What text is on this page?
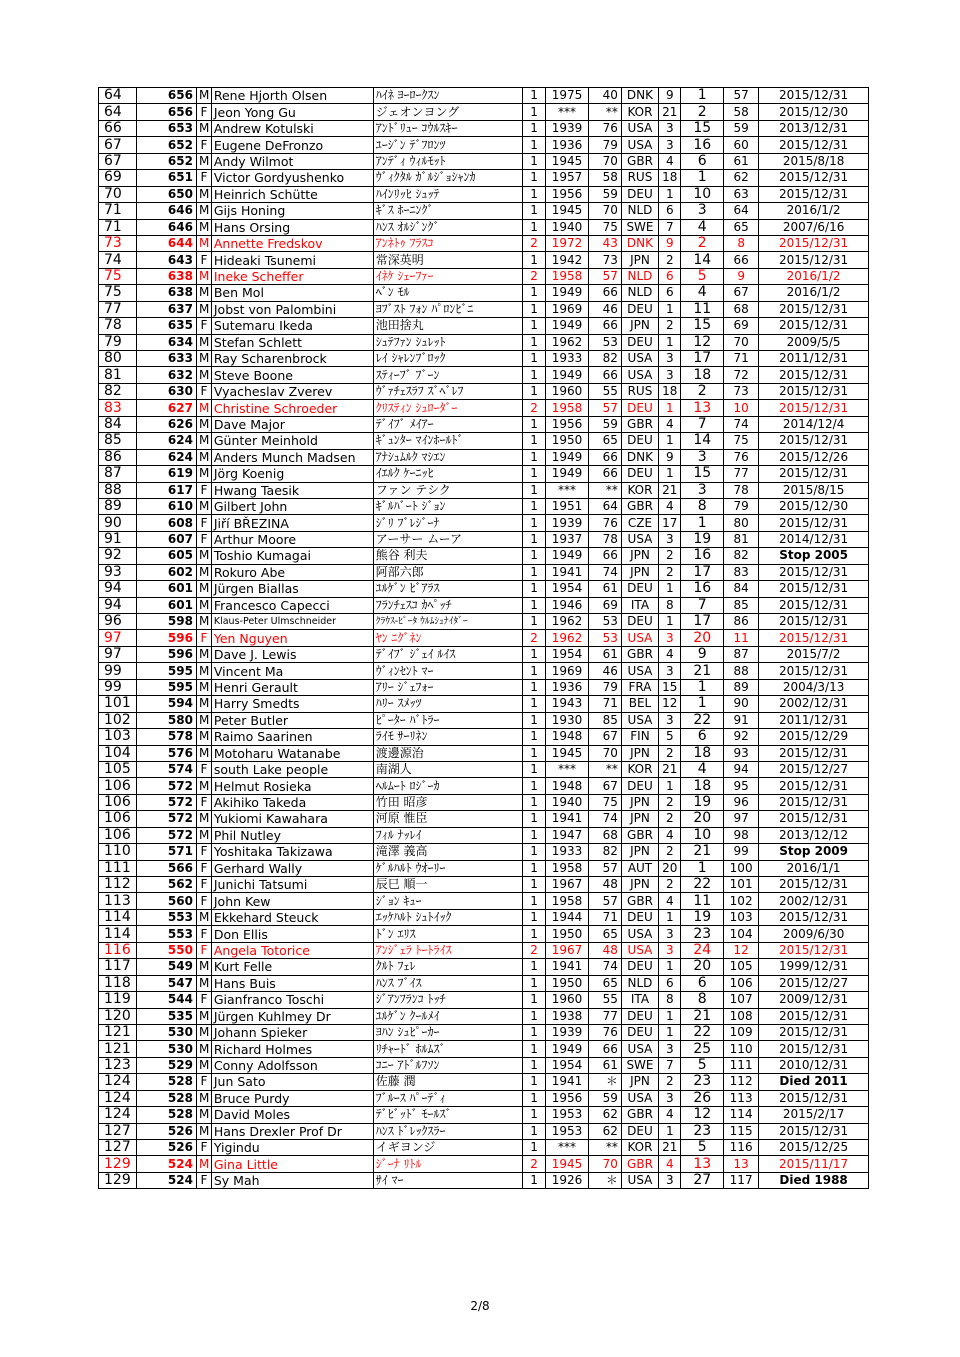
64	656	M	Rene Hjorth Olsen	ﾊｲﾈ ﾖｰﾛｰｸｽﾝ	1	1975	40	DNK	9	1	57	2015/12/31
64	656	F	Jeon Yong Gu	ジェオンヨング	1	***	**	KOR	21	2	58	2015/12/30
66	653	M	Andrew Kotulski	ｱﾝﾄﾞﾘｭｰ ｺｳﾙｽｷｰ	1	1939	76	USA	3	15	59	2013/12/31
67	652	F	Eugene DeFronzo	ﾕｰｼﾞﾝ ﾃﾞﾌﾛﾝﾂ	1	1936	79	USA	3	16	60	2015/12/31
67	652	M	Andy Wilmot	ｱﾝﾃﾞｨ ｳｨﾙﾓｯﾄ	1	1945	70	GBR	4	6	61	2015/8/18
69	651	F	Victor Gordyushenko	ｳﾞｨｸﾀﾙ ｶﾞﾙｼﾞｮｼｬﾝｶ	1	1957	58	RUS	18	1	62	2015/12/31
70	650	M	Heinrich Schütte	ﾊｲﾝﾘｯﾋ ｼｭｯﾃ	1	1956	59	DEU	1	10	63	2015/12/31
71	646	M	Gijs Honing	ｷﾞｽ ﾎｰﾆﾝｸﾞ	1	1945	70	NLD	6	3	64	2016/1/2
71	646	M	Hans Orsing	ﾊﾝｽ ｵﾙｼﾞﾝｸﾞ	1	1940	75	SWE	7	4	65	2007/6/16
73	644	M	Annette Fredskov	ｱﾝﾈﾄｩ ﾌﾗｽｺ	2	1972	43	DNK	9	2	8	2015/12/31
74	643	F	Hideaki Tsunemi	常深英明	1	1942	73	JPN	2	14	66	2015/12/31
75	638	M	Ineke Scheffer	ｲﾈｹ ｼｪｰﾌｧｰ	2	1958	57	NLD	6	5	9	2016/1/2
75	638	M	Ben Mol	ﾍﾞﾝ ﾓﾙ	1	1949	66	NLD	6	4	67	2016/1/2
77	637	M	Jobst von Palombini	ﾖﾌﾞｽﾄ ﾌｫﾝ ﾊﾟﾛﾝﾋﾞﾆ	1	1969	46	DEU	1	11	68	2015/12/31
78	635	F	Sutemaru Ikeda	池田捨丸	1	1949	66	JPN	2	15	69	2015/12/31
79	634	M	Stefan Schlett	ｼｭﾃﾌｧﾝ ｼｭﾚｯﾄ	1	1962	53	DEU	1	12	70	2009/5/5
80	633	M	Ray Scharenbrock	ﾚｲ ｼｬﾚﾝﾌﾞﾛｯｸ	1	1933	82	USA	3	17	71	2011/12/31
81	632	M	Steve Boone	ｽﾃｨｰﾌﾞ ﾌﾞｰﾝ	1	1949	66	USA	3	18	72	2015/12/31
82	630	F	Vyacheslav Zverev	ｳﾞｧﾁｪｽﾗﾌ ｽﾞﾍﾞﾚﾌ	1	1960	55	RUS	18	2	73	2015/12/31
83	627	M	Christine Schroeder	ｸﾘｽﾃｨﾝ ｼｭﾛｰﾀﾞｰ	2	1958	57	DEU	1	13	10	2015/12/31
84	626	M	Dave Major	ﾃﾞｲﾌﾞ ﾒｲｱｰ	1	1956	59	GBR	4	7	74	2014/12/4
85	624	M	Günter Meinhold	ｷﾞｭﾝﾀｰ ﾏｲﾝﾎｰﾙﾄﾞ	1	1950	65	DEU	1	14	75	2015/12/31
86	624	M	Anders Munch Madsen	ｱﾅｼｭﾑﾙｸ ﾏｼｴﾝ	1	1949	66	DNK	9	3	76	2015/12/26
87	619	M	Jörg Koenig	ｲｴﾙｸ ｹｰﾆｯﾋ	1	1949	66	DEU	1	15	77	2015/12/31
88	617	F	Hwang Taesik	ファン テシク	1	***	**	KOR	21	3	78	2015/8/15
89	610	M	Gilbert John	ｷﾞﾙﾊﾞｰﾄ ｼﾞｮﾝ	1	1951	64	GBR	4	8	79	2015/12/30
90	608	F	Jiří BŘEZINA	ｼﾞﾘ ﾌﾞﾚｼﾞｰﾅ	1	1939	76	CZE	17	1	80	2015/12/31
91	607	F	Arthur Moore	アーサー ムーア	1	1937	78	USA	3	19	81	2014/12/31
92	605	M	Toshio Kumagai	熊谷 利夫	1	1949	66	JPN	2	16	82	Stop 2005
93	602	M	Rokuro Abe	阿部六郎	1	1941	74	JPN	2	17	83	2015/12/31
94	601	M	Jürgen Biallas	ﾕﾙｹﾞﾝ ﾋﾞｱﾗｽ	1	1954	61	DEU	1	16	84	2015/12/31
94	601	M	Francesco Capecci	ﾌﾗﾝﾁｪｽｺ ｶﾍﾟｯﾁ	1	1946	69	ITA	8	7	85	2015/12/31
96	598	M	Klaus-Peter Ulmschneider	ｸﾗｳｽ-ﾋﾟｰﾀ ｳﾙﾑｼｭﾅｲﾀﾞｰ	1	1962	53	DEU	1	17	86	2015/12/31
97	596	F	Yen Nguyen	ﾔﾝ ﾆｸﾞﾈﾝ	2	1962	53	USA	3	20	11	2015/12/31
97	596	M	Dave J. Lewis	ﾃﾞｲﾌﾞ ｼﾞｪｲ ﾙｲｽ	1	1954	61	GBR	4	9	87	2015/7/2
99	595	M	Vincent Ma	ｳﾞｨﾝｾﾝﾄ ﾏｰ	1	1969	46	USA	3	21	88	2015/12/31
99	595	M	Henri Gerault	ｱﾘｰ ｼﾞｪﾌｫｰ	1	1936	79	FRA	15	1	89	2004/3/13
101	594	M	Harry Smedts	ﾊﾘｰ ｽﾒｯﾂ	1	1943	71	BEL	12	1	90	2002/12/31
102	580	M	Peter Butler	ﾋﾟｰﾀｰ ﾊﾞﾄﾗｰ	1	1930	85	USA	3	22	91	2011/12/31
103	578	M	Raimo Saarinen	ﾗｲﾓ ｻｰﾘﾈﾝ	1	1948	67	FIN	5	6	92	2015/12/29
104	576	M	Motoharu Watanabe	渡邊源治	1	1945	70	JPN	2	18	93	2015/12/31
105	574	F	south Lake people	南湖人	1	***	**	KOR	21	4	94	2015/12/27
106	572	M	Helmut Rosieka	ﾍﾙﾑｰﾄ ﾛｼﾞｰｶ	1	1948	67	DEU	1	18	95	2015/12/31
106	572	F	Akihiko Takeda	竹田 昭彦	1	1940	75	JPN	2	19	96	2015/12/31
106	572	M	Yukiomi Kawahara	河原 惟臣	1	1941	74	JPN	2	20	97	2015/12/31
106	572	M	Phil Nutley	ﾌｨﾙ ﾅｯﾚｲ	1	1947	68	GBR	4	10	98	2013/12/12
110	571	F	Yoshitaka Takizawa	滝澤 義高	1	1933	82	JPN	2	21	99	Stop 2009
111	566	F	Gerhard Wally	ｹﾞﾙﾊﾙﾄ ｳｵｰﾘｰ	1	1958	57	AUT	20	1	100	2016/1/1
112	562	F	Junichi Tatsumi	辰巳 順一	1	1967	48	JPN	2	22	101	2015/12/31
113	560	F	John Kew	ｼﾞｮﾝ ｷｭｰ	1	1958	57	GBR	4	11	102	2002/12/31
114	553	M	Ekkehard Steuck	ｴｯｹﾊﾙﾄ ｼｭﾄｲｯｸ	1	1944	71	DEU	1	19	103	2015/12/31
114	553	F	Don Ellis	ﾄﾞﾝ ｴﾘｽ	1	1950	65	USA	3	23	104	2009/6/30
116	550	F	Angela Totorice	ｱﾝｼﾞｪﾗ ﾄｰﾄﾗｲｽ	2	1967	48	USA	3	24	12	2015/12/31
117	549	M	Kurt Felle	ｸﾙﾄ ﾌｪﾚ	1	1941	74	DEU	1	20	105	1999/12/31
118	547	M	Hans Buis	ﾊﾝｽ ﾌﾞｲｽ	1	1950	65	NLD	6	6	106	2015/12/27
119	544	F	Gianfranco Toschi	ｼﾞｱﾝﾌﾗﾝｺ ﾄｯﾁ	1	1960	55	ITA	8	8	107	2009/12/31
120	535	M	Jürgen Kuhlmey Dr	ﾕﾙｹﾞﾝ ｸｰﾙﾒｲ	1	1938	77	DEU	1	21	108	2015/12/31
121	530	M	Johann Spieker	ﾖﾊﾝ ｼｭﾋﾟｰｶｰ	1	1939	76	DEU	1	22	109	2015/12/31
121	530	M	Richard Holmes	ﾘﾁｬｰﾄﾞ ﾎﾙﾑｽﾞ	1	1949	66	USA	3	25	110	2015/12/31
123	529	M	Conny Adolfsson	ｺﾆｰ ｱﾄﾞﾙﾌｿﾝ	1	1954	61	SWE	7	5	111	2010/12/31
124	528	F	Jun Sato	佐藤 潤	1	1941	＊	JPN	2	23	112	Died 2011
124	528	M	Bruce Purdy	ﾌﾞﾙｰｽ ﾊﾟｰﾃﾞｨ	1	1956	59	USA	3	26	113	2015/12/31
124	528	M	David Moles	ﾃﾞﾋﾞｯﾄﾞ ﾓｰﾙｽﾞ	1	1953	62	GBR	4	12	114	2015/2/17
127	526	M	Hans Drexler Prof Dr	ﾊﾝｽ ﾄﾞﾚｯｸｽﾗｰ	1	1953	62	DEU	1	23	115	2015/12/31
127	526	F	Yigindu	イギヨンジ	1	***	**	KOR	21	5	116	2015/12/25
129	524	M	Gina Little	ｼﾞｰﾅ ﾘﾄﾙ	2	1945	70	GBR	4	13	13	2015/11/17
129	524	F	Sy Mah	ｻｲ ﾏｰ	1	1926	＊	USA	3	27	117	Died 1988
2/8
